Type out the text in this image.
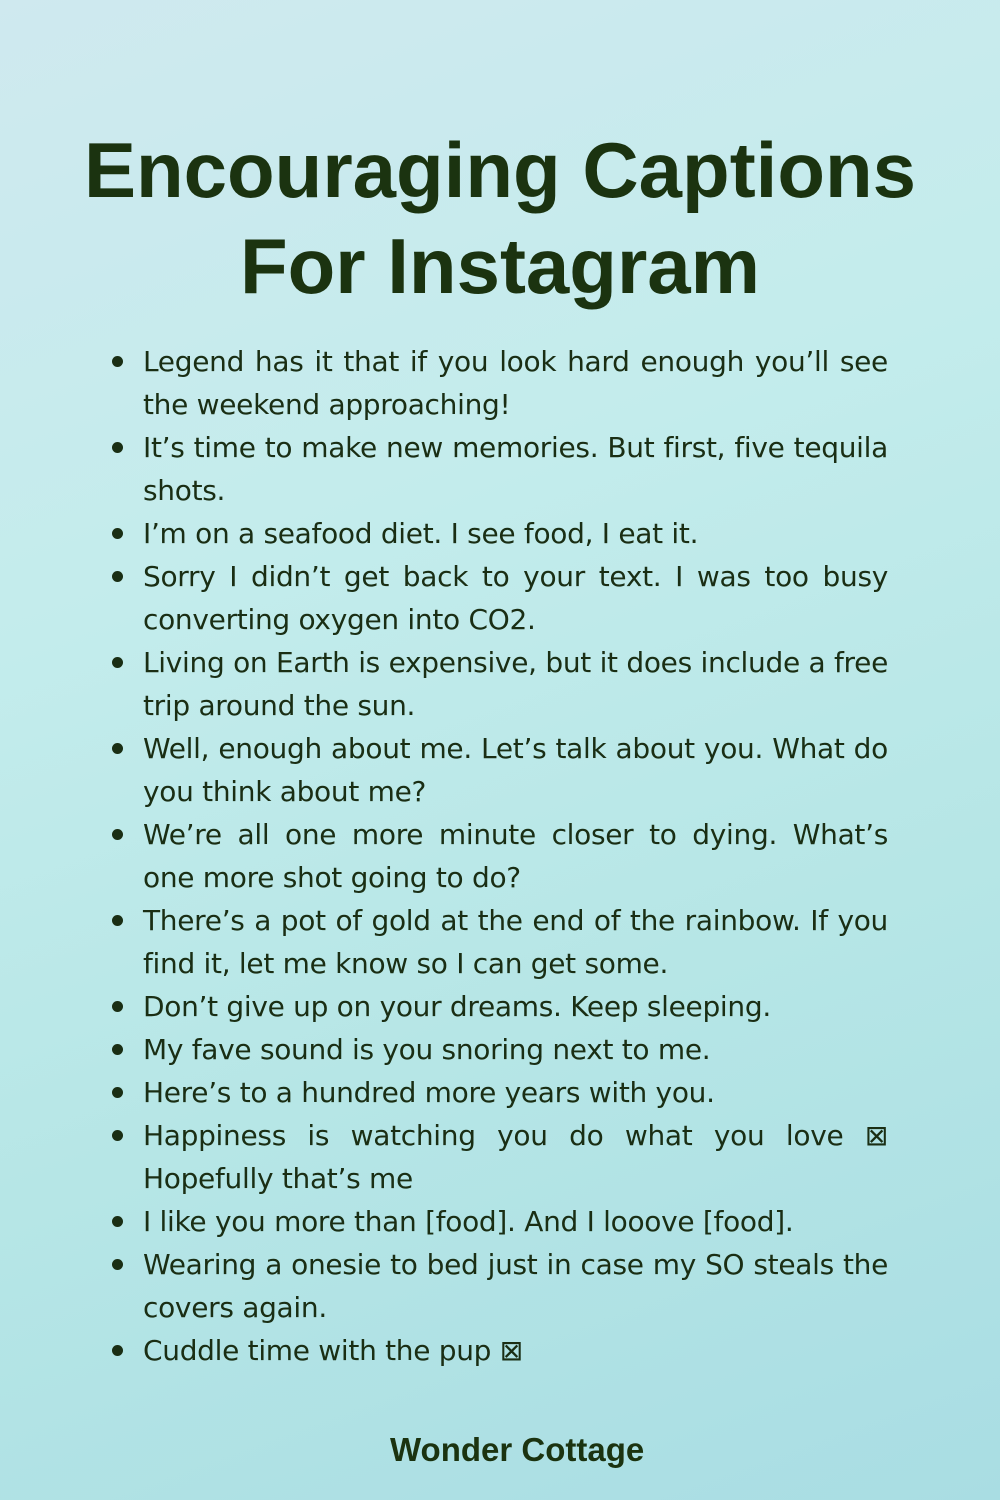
Encouraging Captions
For Instagram
Legend has it that if you look hard enough you’ll see the weekend approaching!
It’s time to make new memories. But first, five tequila shots.
I’m on a seafood diet. I see food, I eat it.
Sorry I didn’t get back to your text. I was too busy converting oxygen into CO2.
Living on Earth is expensive, but it does include a free trip around the sun.
Well, enough about me. Let’s talk about you. What do you think about me?
We’re all one more minute closer to dying. What’s one more shot going to do?
There’s a pot of gold at the end of the rainbow. If you find it, let me know so I can get some.
Don’t give up on your dreams. Keep sleeping.
My fave sound is you snoring next to me.
Here’s to a hundred more years with you.
Happiness is watching you do what you love ⊠ Hopefully that’s me
I like you more than [food]. And I looove [food].
Wearing a onesie to bed just in case my SO steals the covers again.
Cuddle time with the pup ⊠

Wonder Cottage
